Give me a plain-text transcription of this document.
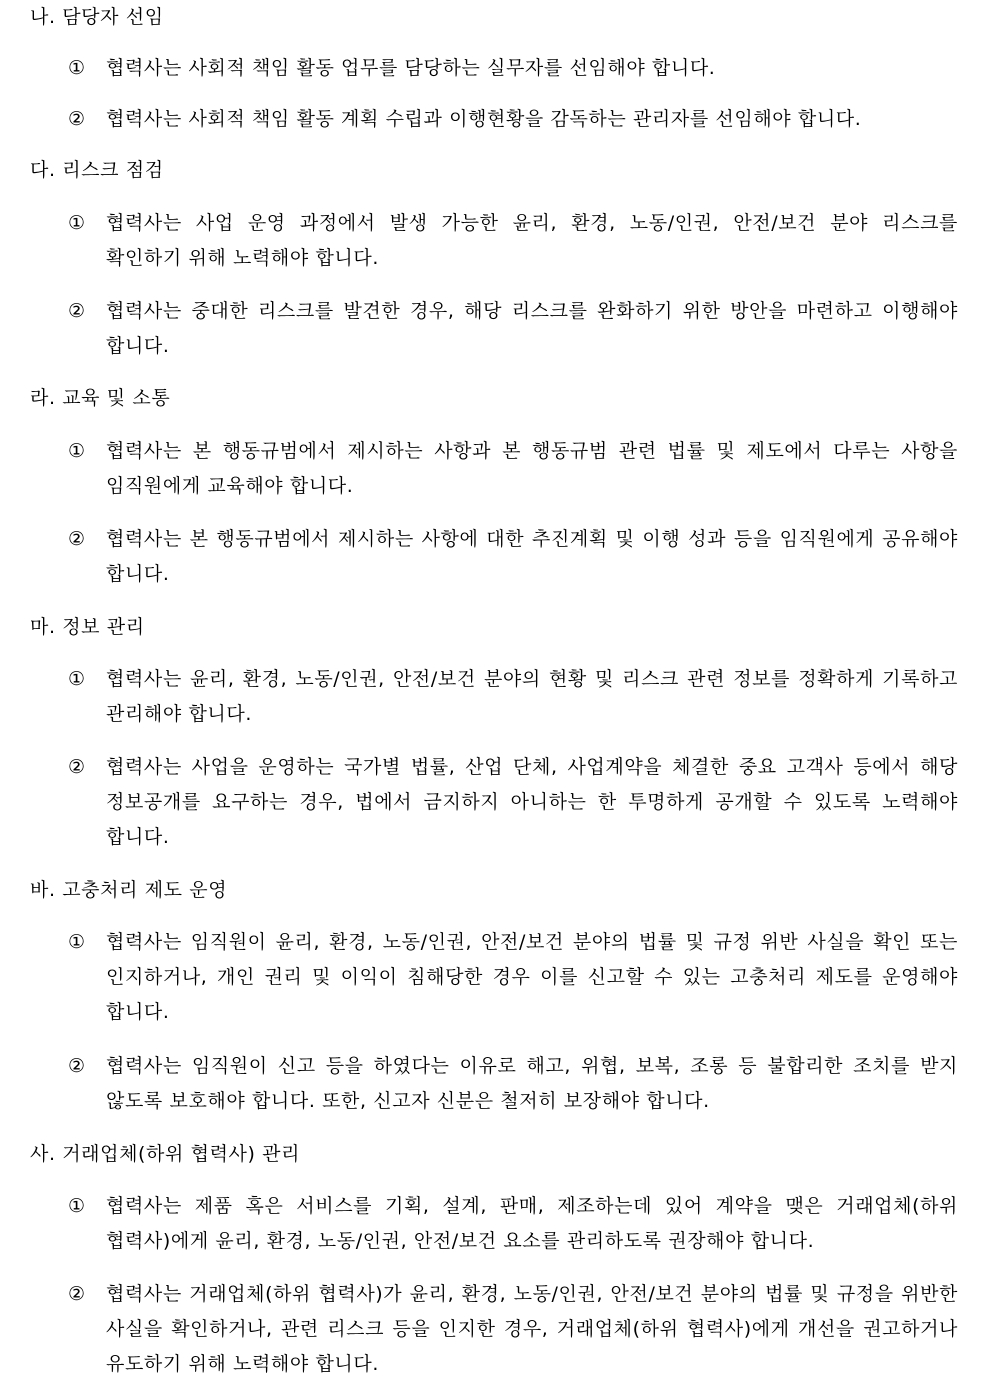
나. 담당자 선임
①	협력사는 사회적 책임 활동 업무를 담당하는 실무자를 선임해야 합니다.
②	협력사는 사회적 책임 활동 계획 수립과 이행현황을 감독하는 관리자를 선임해야 합니다.
다. 리스크 점검
①	협력사는 사업 운영 과정에서 발생 가능한 윤리, 환경, 노동/인권, 안전/보건 분야 리스크를 확인하기 위해 노력해야 합니다.
②	협력사는 중대한 리스크를 발견한 경우, 해당 리스크를 완화하기 위한 방안을 마련하고 이행해야 합니다.
라. 교육 및 소통
①	협력사는 본 행동규범에서 제시하는 사항과 본 행동규범 관련 법률 및 제도에서 다루는 사항을 임직원에게 교육해야 합니다.
②	협력사는 본 행동규범에서 제시하는 사항에 대한 추진계획 및 이행 성과 등을 임직원에게 공유해야 합니다.
마. 정보 관리
①	협력사는 윤리, 환경, 노동/인권, 안전/보건 분야의 현황 및 리스크 관련 정보를 정확하게 기록하고 관리해야 합니다.
②	협력사는 사업을 운영하는 국가별 법률, 산업 단체, 사업계약을 체결한 중요 고객사 등에서 해당 정보공개를 요구하는 경우, 법에서 금지하지 아니하는 한 투명하게 공개할 수 있도록 노력해야 합니다.
바. 고충처리 제도 운영
①	협력사는 임직원이 윤리, 환경, 노동/인권, 안전/보건 분야의 법률 및 규정 위반 사실을 확인 또는 인지하거나, 개인 권리 및 이익이 침해당한 경우 이를 신고할 수 있는 고충처리 제도를 운영해야 합니다.
②	협력사는 임직원이 신고 등을 하였다는 이유로 해고, 위협, 보복, 조롱 등 불합리한 조치를 받지 않도록 보호해야 합니다. 또한, 신고자 신분은 철저히 보장해야 합니다.
사. 거래업체(하위 협력사) 관리
①	협력사는 제품 혹은 서비스를 기획, 설계, 판매, 제조하는데 있어 계약을 맺은 거래업체(하위 협력사)에게 윤리, 환경, 노동/인권, 안전/보건 요소를 관리하도록 권장해야 합니다.
②	협력사는 거래업체(하위 협력사)가 윤리, 환경, 노동/인권, 안전/보건 분야의 법률 및 규정을 위반한 사실을 확인하거나, 관련 리스크 등을 인지한 경우, 거래업체(하위 협력사)에게 개선을 권고하거나 유도하기 위해 노력해야 합니다.
